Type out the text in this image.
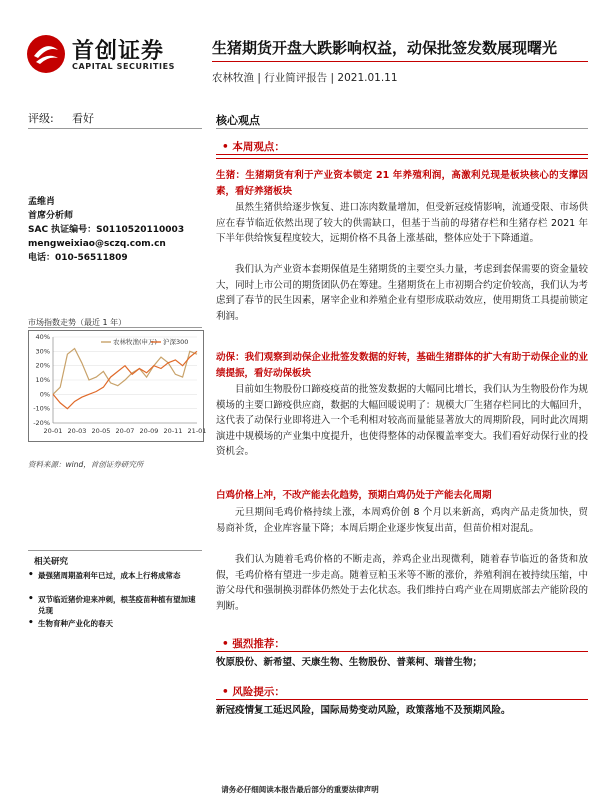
首创证券
CAPITAL SECURITIES
生猪期货开盘大跌影响权益，动保批签发数展现曙光
农林牧渔 | 行业简评报告 | 2021.01.11
评级: 看好	核心观点
孟维肖
首席分析师
SAC 执证编号：S0110520110003
mengweixiao@sczq.com.cn
电话：010-56511809
市场指数走势（最近 1 年）
40%
30%
20%
10%
0%
-10%
-20%
20-01 20-03 20-05 20-07 20-09 20-11 21-01
农林牧渔(申万) 沪深300
资料来源：wind，首创证券研究所
相关研究
• 最强猪周期盈利年已过，成本上行将成常态
• 双节临近猪价迎来冲刺，根茎疫苗种植有望加速兑现
• 生物育种产业化的春天
• 本周观点：
生猪：生猪期货有利于产业资本锁定 21 年养殖利润，高激利兑现是板块核心的支撑因素，看好养猪板块
虽然生猪供给逐步恢复、进口冻肉数量增加，但受新冠疫情影响，流通受限、市场供应在春节临近依然出现了较大的供需缺口，但基于当前的母猪存栏和生猪存栏 2021 年下半年供给恢复程度较大，远期价格不具备上涨基础，整体应处于下降通道。
我们认为产业资本套期保值是生猪期货的主要空头力量，考虑到套保需要的资金量较大，同时上市公司的期货团队仍在筹建。生猪期货在上市初期合约定价较高，我们认为考虑到了春节的民生因素，屠宰企业和养殖企业有望形成联动效应，使用期货工具提前锁定利润。
动保：我们观察到动保企业批签发数据的好转，基础生猪群体的扩大有助于动保企业的业绩提振，看好动保板块
目前如生物股份口蹄疫疫苗的批签发数据的大幅同比增长，我们认为生物股份作为规模场的主要口蹄疫供应商，数据的大幅回暖说明了：规模大厂生猪存栏同比的大幅回升，这代表了动保行业即将进入一个毛利相对较高而量能显著放大的周期阶段，同时此次周期演进中规模场的产业集中度提升，也使得整体的动保覆盖率变大。我们看好动保行业的投资机会。
白鸡价格上冲，不改产能去化趋势，预期白鸡仍处于产能去化周期
元旦期间毛鸡价格持续上涨，本周鸡价创 8 个月以来新高，鸡肉产品走货加快，贸易商补货，企业库容量下降；本周后期企业逐步恢复出苗，但苗价相对混乱。
我们认为随着毛鸡价格的不断走高，养鸡企业出现微利，随着春节临近的备货和放假，毛鸡价格有望进一步走高。随着豆粕玉米等不断的涨价，养殖利润在被持续压缩，中游父母代和强制换羽群体仍然处于去化状态。我们维持白鸡产业在周期底部去产能阶段的判断。
• 强烈推荐：
牧原股份、新希望、天康生物、生物股份、普莱柯、瑞普生物；
• 风险提示：
新冠疫情复工延迟风险，国际局势变动风险，政策落地不及预期风险。
请务必仔细阅读本报告最后部分的重要法律声明
